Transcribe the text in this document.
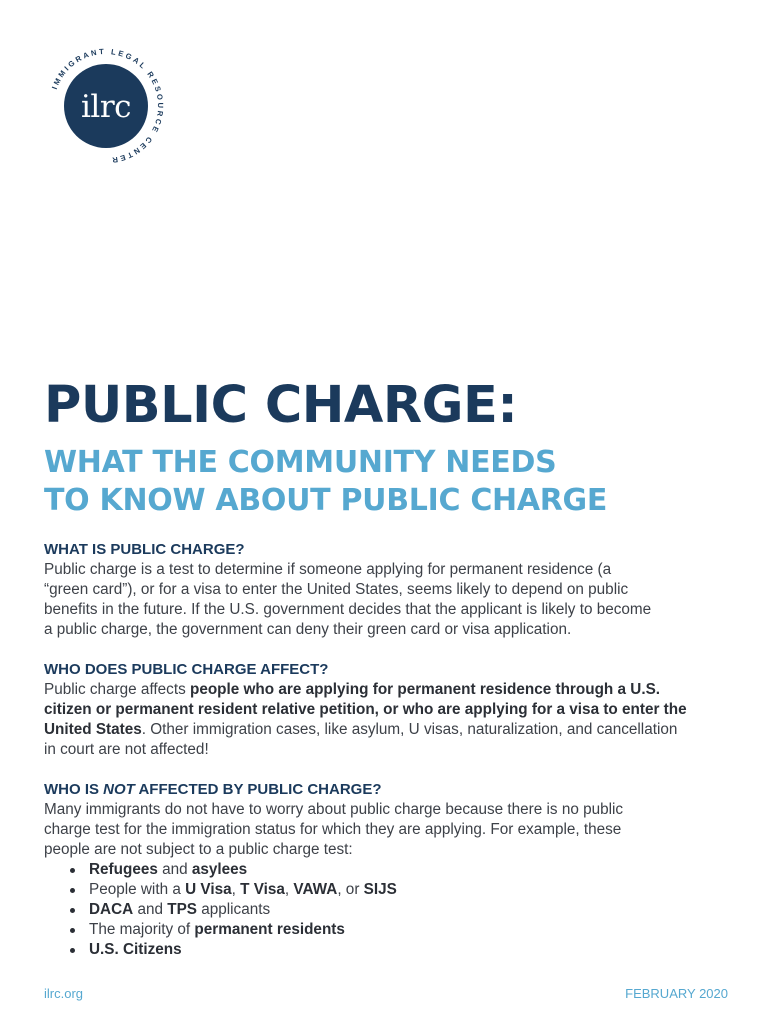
IMMIGRANT LEGAL RESOURCE CENTER
ilrc
PUBLIC CHARGE:
WHAT THE COMMUNITY NEEDS
TO KNOW ABOUT PUBLIC CHARGE
WHAT IS PUBLIC CHARGE?

Public charge is a test to determine if someone applying for permanent residence (a
“green card”), or for a visa to enter the United States, seems likely to depend on public
benefits in the future. If the U.S. government decides that the applicant is likely to become
a public charge, the government can deny their green card or visa application.

WHO DOES PUBLIC CHARGE AFFECT?

Public charge affects people who are applying for permanent residence through a U.S.
citizen or permanent resident relative petition, or who are applying for a visa to enter the
United States. Other immigration cases, like asylum, U visas, naturalization, and cancellation
in court are not affected!

WHO IS NOT AFFECTED BY PUBLIC CHARGE?

Many immigrants do not have to worry about public charge because there is no public
charge test for the immigration status for which they are applying. For example, these
people are not subject to a public charge test:

Refugees and asylees
People with a U Visa, T Visa, VAWA, or SIJS
DACA and TPS applicants
The majority of permanent residents
U.S. Citizens
ilrc.org	FEBRUARY 2020
